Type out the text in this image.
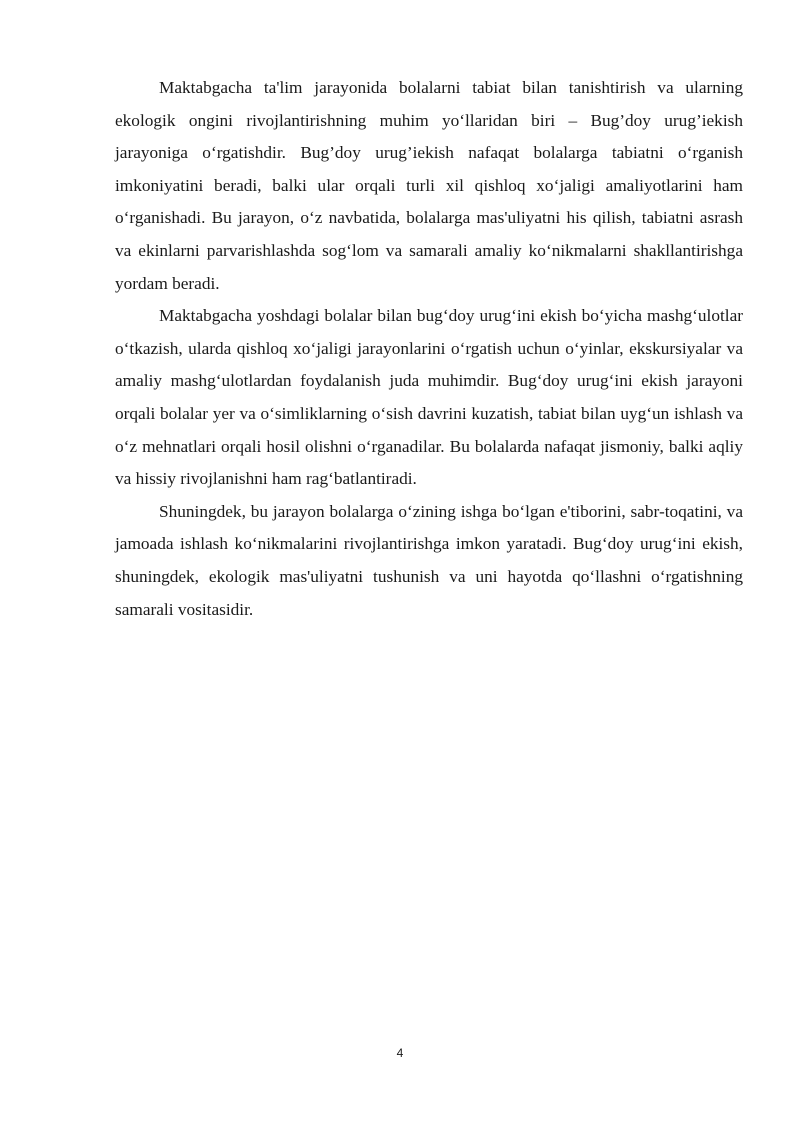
Maktabgacha ta'lim jarayonida bolalarni tabiat bilan tanishtirish va ularning ekologik ongini rivojlantirishning muhim yo‘llaridan biri – Bug’doy urug’iekish jarayoniga o‘rgatishdir. Bug’doy urug’iekish nafaqat bolalarga tabiatni o‘rganish imkoniyatini beradi, balki ular orqali turli xil qishloq xo‘jaligi amaliyotlarini ham o‘rganishadi. Bu jarayon, o‘z navbatida, bolalarga mas'uliyatni his qilish, tabiatni asrash va ekinlarni parvarishlashda sog‘lom va samarali amaliy ko‘nikmalarni shakllantirishga yordam beradi.

Maktabgacha yoshdagi bolalar bilan bug‘doy urug‘ini ekish bo‘yicha mashg‘ulotlar o‘tkazish, ularda qishloq xo‘jaligi jarayonlarini o‘rgatish uchun o‘yinlar, ekskursiyalar va amaliy mashg‘ulotlardan foydalanish juda muhimdir. Bug‘doy urug‘ini ekish jarayoni orqali bolalar yer va o‘simliklarning o‘sish davrini kuzatish, tabiat bilan uyg‘un ishlash va o‘z mehnatlari orqali hosil olishni o‘rganadilar. Bu bolalarda nafaqat jismoniy, balki aqliy va hissiy rivojlanishni ham rag‘batlantiradi.

Shuningdek, bu jarayon bolalarga o‘zining ishga bo‘lgan e'tiborini, sabr-toqatini, va jamoada ishlash ko‘nikmalarini rivojlantirishga imkon yaratadi. Bug‘doy urug‘ini ekish, shuningdek, ekologik mas'uliyatni tushunish va uni hayotda qo‘llashni o‘rgatishning samarali vositasidir.

4
